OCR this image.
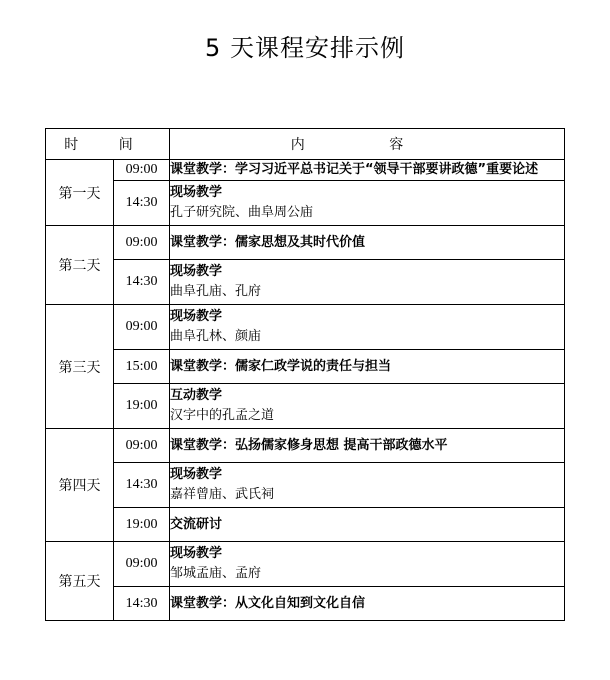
5 天课程安排示例
时 间		内 容
第一天	09:00	课堂教学：学习习近平总书记关于“领导干部要讲政德”重要论述

	14:30	现场教学
孔子研究院、曲阜周公庙

第二天	09:00	课堂教学：儒家思想及其时代价值

	14:30	现场教学
曲阜孔庙、孔府

第三天	09:00	现场教学
曲阜孔林、颜庙

	15:00	课堂教学：儒家仁政学说的责任与担当

	19:00	互动教学
汉字中的孔孟之道

第四天	09:00	课堂教学：弘扬儒家修身思想 提高干部政德水平

	14:30	现场教学
嘉祥曾庙、武氏祠

	19:00	交流研讨

第五天	09:00	现场教学
邹城孟庙、孟府

	14:30	课堂教学：从文化自知到文化自信
